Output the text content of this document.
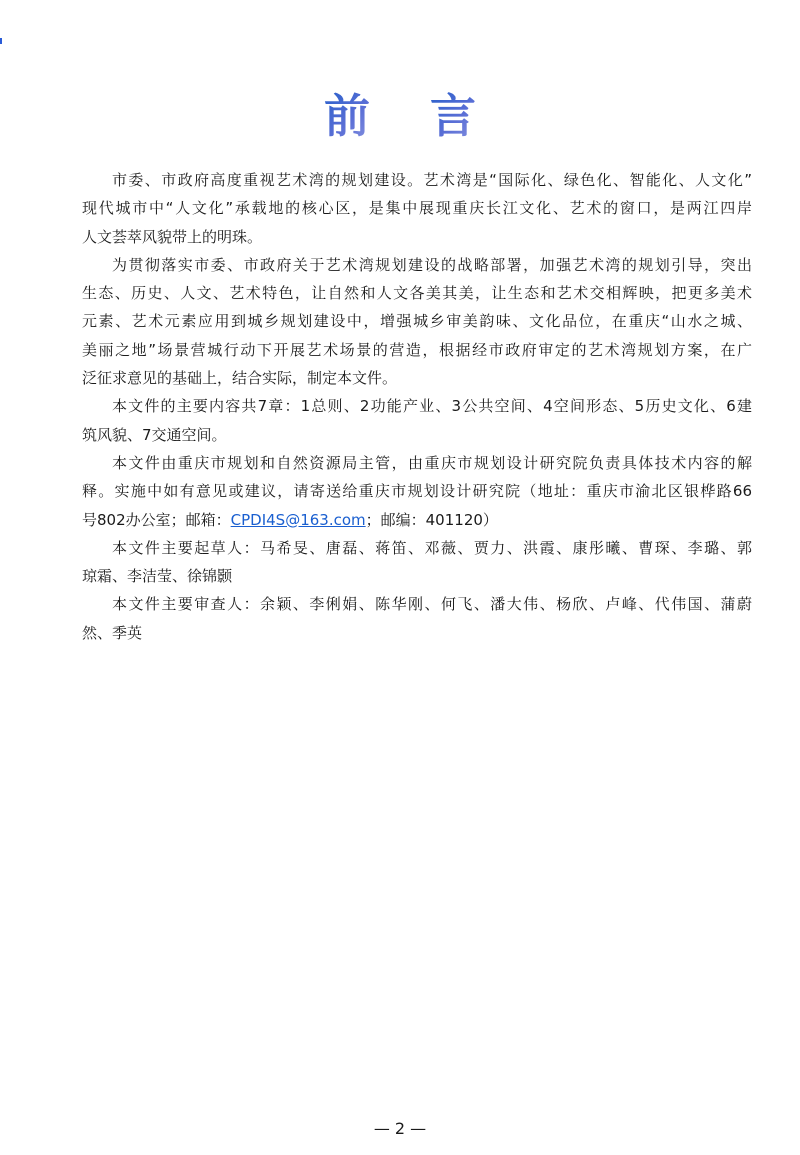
前 言
市委、市政府高度重视艺术湾的规划建设。艺术湾是“国际化、绿色化、智能化、人文化”
现代城市中“人文化”承载地的核心区，是集中展现重庆长江文化、艺术的窗口，是两江四岸
人文荟萃风貌带上的明珠。
为贯彻落实市委、市政府关于艺术湾规划建设的战略部署，加强艺术湾的规划引导，突出
生态、历史、人文、艺术特色，让自然和人文各美其美，让生态和艺术交相辉映，把更多美术
元素、艺术元素应用到城乡规划建设中，增强城乡审美韵味、文化品位，在重庆“山水之城、
美丽之地”场景营城行动下开展艺术场景的营造，根据经市政府审定的艺术湾规划方案，在广
泛征求意见的基础上，结合实际，制定本文件。
本文件的主要内容共7章：1总则、2功能产业、3公共空间、4空间形态、5历史文化、6建
筑风貌、7交通空间。
本文件由重庆市规划和自然资源局主管，由重庆市规划设计研究院负责具体技术内容的解
释。实施中如有意见或建议，请寄送给重庆市规划设计研究院（地址：重庆市渝北区银桦路66
号802办公室；邮箱：CPDI4S@163.com；邮编：401120）
本文件主要起草人：马希旻、唐磊、蒋笛、邓薇、贾力、洪霞、康彤曦、曹琛、李璐、郭
琼霜、李洁莹、徐锦颢
本文件主要审查人：余颖、李俐娟、陈华刚、何飞、潘大伟、杨欣、卢峰、代伟国、蒲蔚
然、季英
— 2 —
